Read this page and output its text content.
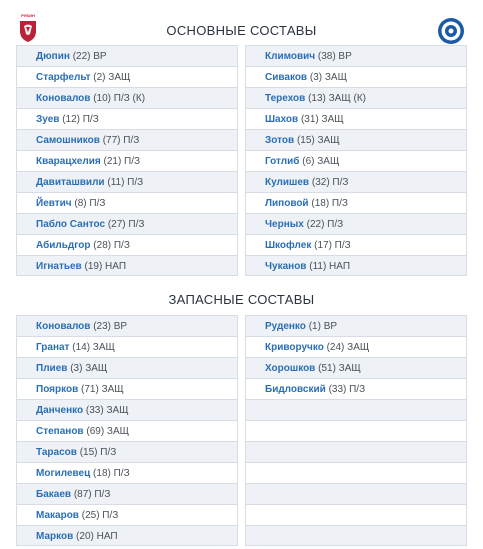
РУБИН
ОСНОВНЫЕ СОСТАВЫ
Дюпин (22) ВР
Старфельт (2) ЗАЩ
Коновалов (10) П/З (К)
Зуев (12) П/З
Самошников (77) П/З
Кварацхелия (21) П/З
Давиташвили (11) П/З
Йевтич (8) П/З
Пабло Сантос (27) П/З
Абильдгор (28) П/З
Игнатьев (19) НАП
Климович (38) ВР
Сиваков (3) ЗАЩ
Терехов (13) ЗАЩ (К)
Шахов (31) ЗАЩ
Зотов (15) ЗАЩ
Готлиб (6) ЗАЩ
Кулишев (32) П/З
Липовой (18) П/З
Черных (22) П/З
Шкофлек (17) П/З
Чуканов (11) НАП
ЗАПАСНЫЕ СОСТАВЫ
Коновалов (23) ВР
Гранат (14) ЗАЩ
Плиев (3) ЗАЩ
Поярков (71) ЗАЩ
Данченко (33) ЗАЩ
Степанов (69) ЗАЩ
Тарасов (15) П/З
Могилевец (18) П/З
Бакаев (87) П/З
Макаров (25) П/З
Марков (20) НАП
Руденко (1) ВР
Криворучко (24) ЗАЩ
Хорошков (51) ЗАЩ
Бидловский (33) П/З
